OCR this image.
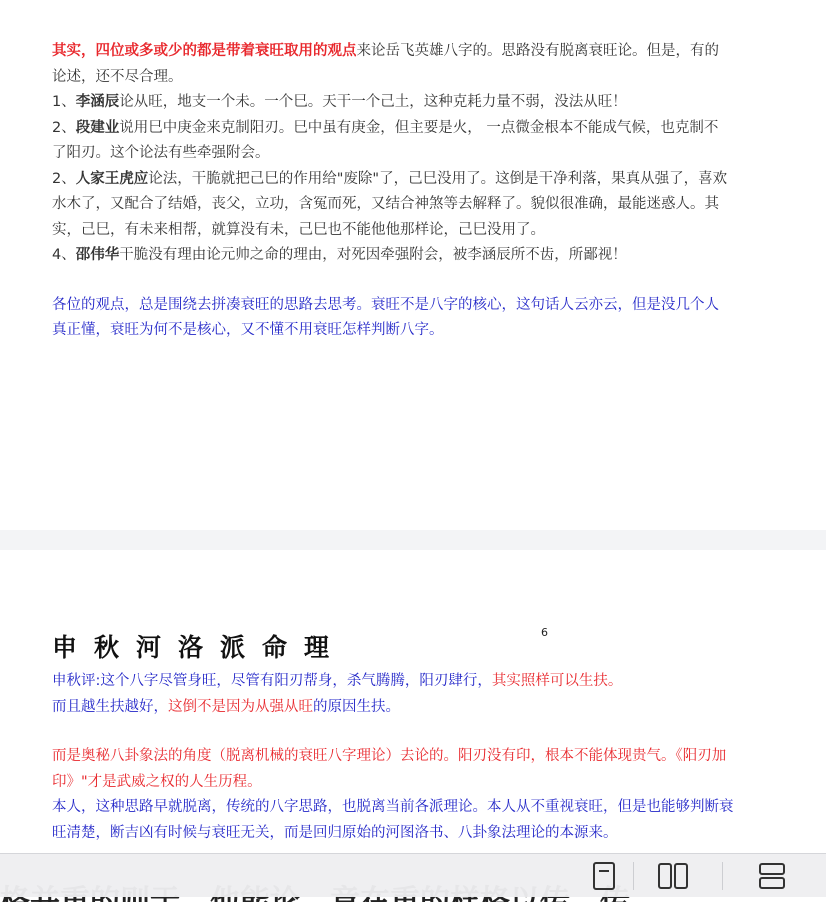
其实，四位或多或少的都是带着衰旺取用的观点来论岳飞英雄八字的。思路没有脱离衰旺论。但是，有的论述，还不尽合理。

1、李涵辰论从旺，地支一个未。一个巳。天干一个己土，这种克耗力量不弱，没法从旺！

2、段建业说用巳中庚金来克制阳刃。巳中虽有庚金，但主要是火， 一点微金根本不能成气候，也克制不了阳刃。这个论法有些牵强附会。

2、人家王虎应论法，干脆就把己巳的作用给"废除"了，己巳没用了。这倒是干净利落，果真从强了，喜欢水木了，又配合了结婚，丧父，立功，含冤而死，又结合神煞等去解释了。貌似很准确，最能迷惑人。其实，己巳，有未来相帮，就算没有未，己巳也不能他他那样论，己巳没用了。

4、邵伟华干脆没有理由论元帅之命的理由，对死因牵强附会，被李涵辰所不齿，所鄙视！

各位的观点，总是围绕去拼凑衰旺的思路去思考。衰旺不是八字的核心，这句话人云亦云，但是没几个人真正懂，衰旺为何不是核心，又不懂不用衰旺怎样判断八字。

申秋河洛派命理
6

申秋评:这个八字尽管身旺，尽管有阳刃帮身，杀气腾腾，阳刃肆行，其实照样可以生扶。

而且越生扶越好，这倒不是因为从强从旺的原因生扶。

而是奥秘八卦象法的角度（脱离机械的衰旺八字理论）去论的。阳刃没有印，根本不能体现贵气。《阳刃加印》"才是武威之权的人生历程。

本人，这种思路早就脱离，传统的八字思路，也脱离当前各派理论。本人从不重视衰旺，但是也能够判断衰旺清楚，断吉凶有时候与衰旺无关，而是回归原始的河图洛书、八卦象法理论的本源来。
